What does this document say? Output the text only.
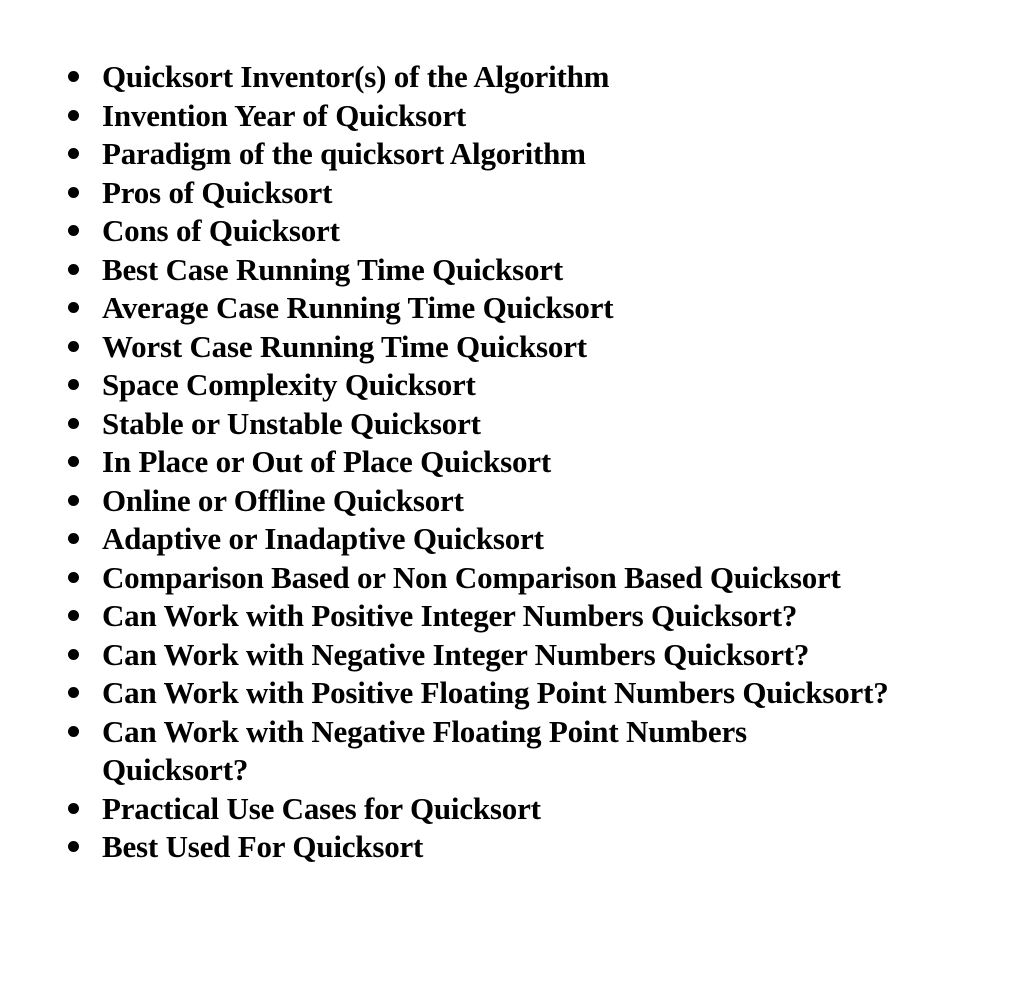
Quicksort Inventor(s) of the Algorithm
Invention Year of Quicksort
Paradigm of the quicksort Algorithm
Pros of Quicksort
Cons of Quicksort
Best Case Running Time Quicksort
Average Case Running Time Quicksort
Worst Case Running Time Quicksort
Space Complexity Quicksort
Stable or Unstable Quicksort
In Place or Out of Place Quicksort
Online or Offline Quicksort
Adaptive or Inadaptive Quicksort
Comparison Based or Non Comparison Based Quicksort
Can Work with Positive Integer Numbers Quicksort?
Can Work with Negative Integer Numbers Quicksort?
Can Work with Positive Floating Point Numbers Quicksort?
Can Work with Negative Floating Point Numbers Quicksort?
Practical Use Cases for Quicksort
Best Used For Quicksort
